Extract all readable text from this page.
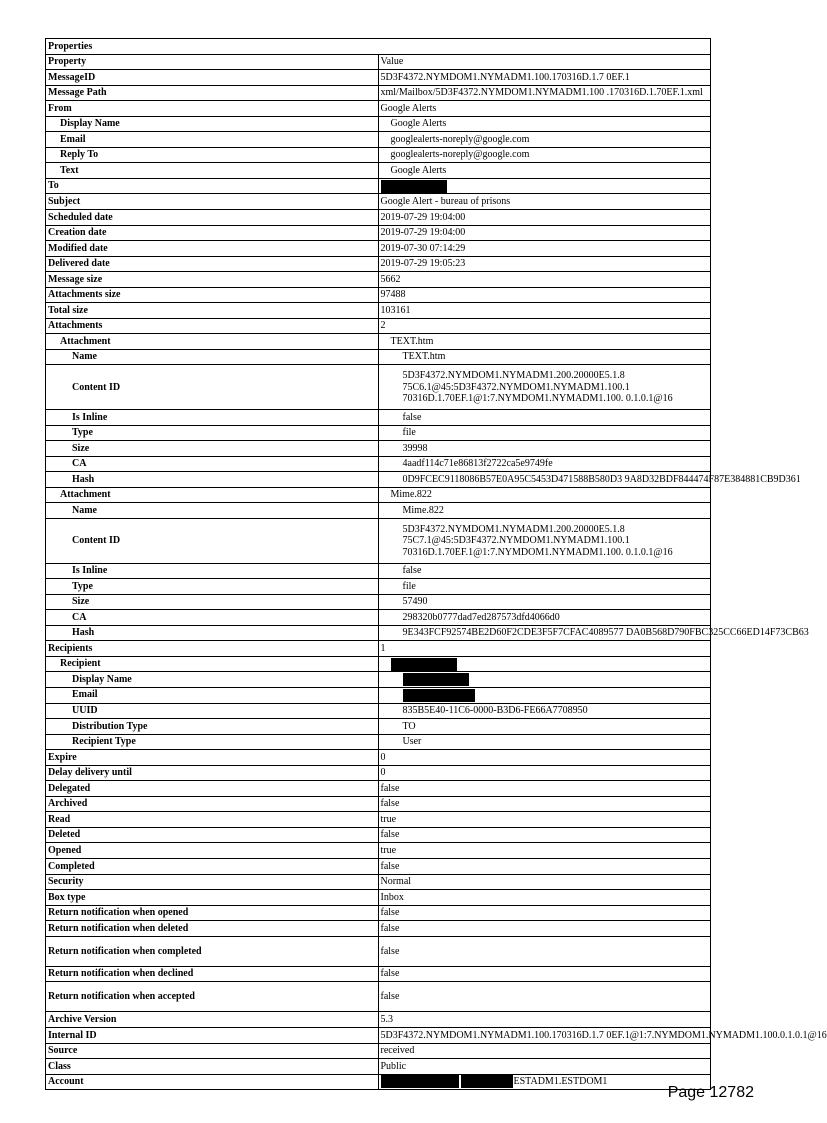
Properties	
Property	Value
MessageID	5D3F4372.NYMDOM1.NYMADM1.100.170316D.1.7 0EF.1
Message Path	xml/Mailbox/5D3F4372.NYMDOM1.NYMADM1.100 .170316D.1.70EF.1.xml
From	Google Alerts
Display Name	Google Alerts
Email	googlealerts-noreply@google.com
Reply To	googlealerts-noreply@google.com
Text	Google Alerts
To	
Subject	Google Alert - bureau of prisons
Scheduled date	2019-07-29 19:04:00
Creation date	2019-07-29 19:04:00
Modified date	2019-07-30 07:14:29
Delivered date	2019-07-29 19:05:23
Message size	5662
Attachments size	97488
Total size	103161
Attachments	2
Attachment	TEXT.htm
Name	TEXT.htm
Content ID	5D3F4372.NYMDOM1.NYMADM1.200.20000E5.1.8
75C6.1@45:5D3F4372.NYMDOM1.NYMADM1.100.1
70316D.1.70EF.1@1:7.NYMDOM1.NYMADM1.100. 0.1.0.1@16
Is Inline	false
Type	file
Size	39998
CA	4aadf114c71e86813f2722ca5e9749fe
Hash	0D9FCEC9118086B57E0A95C5453D471588B580D3 9A8D32BDF844474F87E384881CB9D361
Attachment	Mime.822
Name	Mime.822
Content ID	5D3F4372.NYMDOM1.NYMADM1.200.20000E5.1.8
75C7.1@45:5D3F4372.NYMDOM1.NYMADM1.100.1
70316D.1.70EF.1@1:7.NYMDOM1.NYMADM1.100. 0.1.0.1@16
Is Inline	false
Type	file
Size	57490
CA	298320b0777dad7ed287573dfd4066d0
Hash	9E343FCF92574BE2D60F2CDE3F5F7CFAC4089577 DA0B568D790FBC325CC66ED14F73CB63
Recipients	1
Recipient	
Display Name	
Email	
UUID	835B5E40-11C6-0000-B3D6-FE66A7708950
Distribution Type	TO
Recipient Type	User
Expire	0
Delay delivery until	0
Delegated	false
Archived	false
Read	true
Deleted	false
Opened	true
Completed	false
Security	Normal
Box type	Inbox
Return notification when opened	false
Return notification when deleted	false
Return notification when completed	false
Return notification when declined	false
Return notification when accepted	false
Archive Version	5.3
Internal ID	5D3F4372.NYMDOM1.NYMADM1.100.170316D.1.7 0EF.1@1:7.NYMDOM1.NYMADM1.100.0.1.0.1@16
Source	received
Class	Public
Account	ESTADM1.ESTDOM1
Page 12782
